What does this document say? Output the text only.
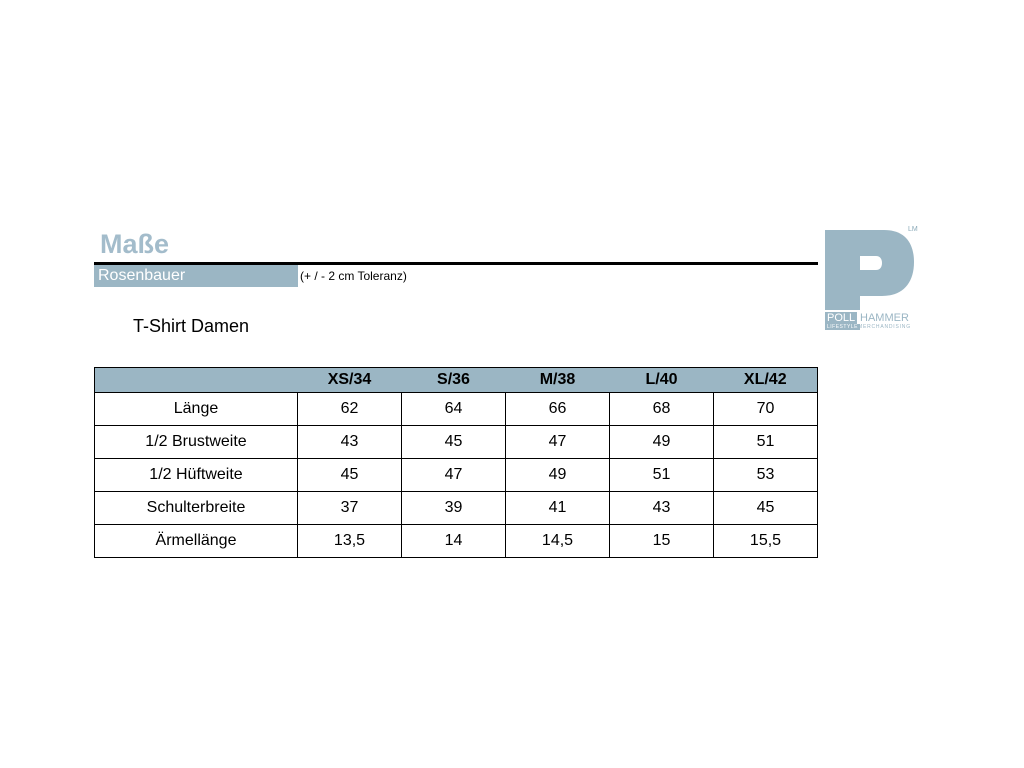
Maße
Rosenbauer	(+ / - 2 cm Toleranz)
T-Shirt Damen
LM
POLL HAMMER
LIFESTYLE MERCHANDISING
	XS/34	S/36	M/38	L/40	XL/42
Länge	62	64	66	68	70
1/2 Brustweite	43	45	47	49	51
1/2 Hüftweite	45	47	49	51	53
Schulterbreite	37	39	41	43	45
Ärmellänge	13,5	14	14,5	15	15,5
